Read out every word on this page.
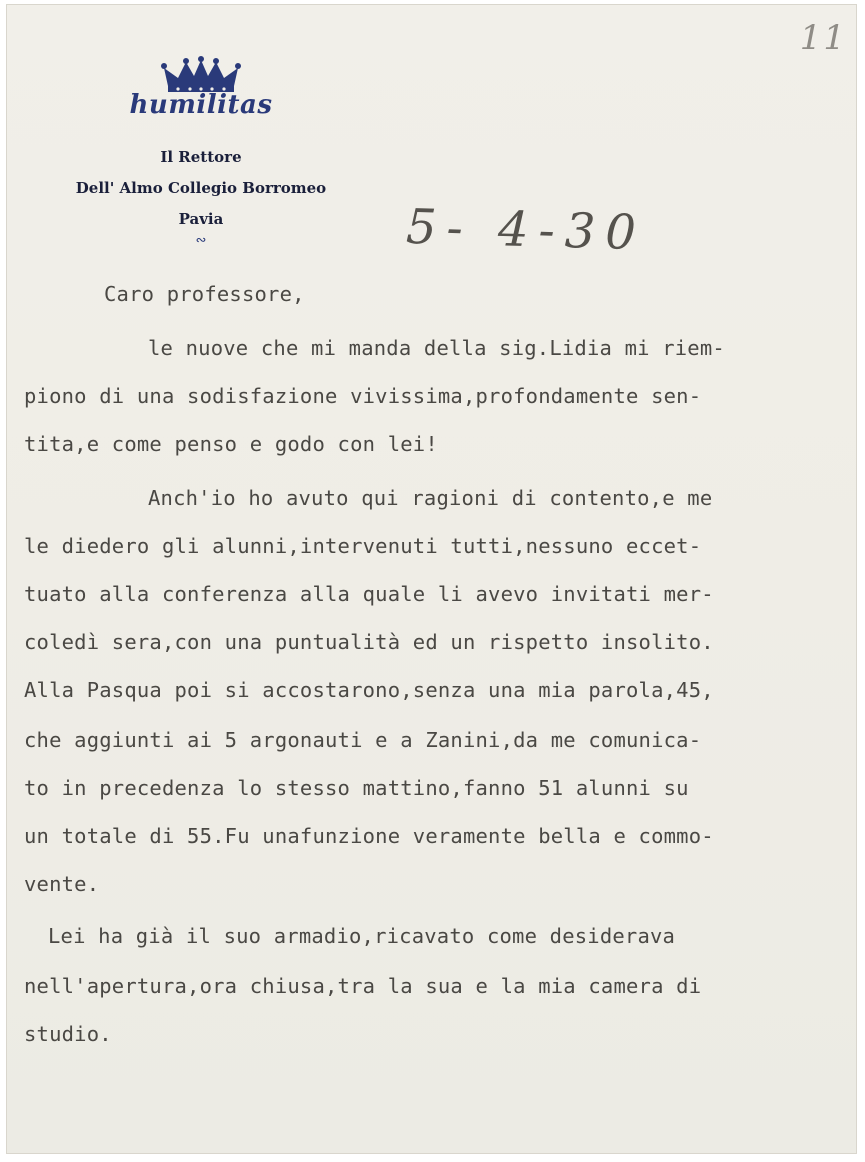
11
humilitas
Il Rettore
Dell' Almo Collegio Borromeo
Pavia
∾	5- 4-30
Caro professore,
le nuove che mi manda della sig.Lidia mi riem-
piono di una sodisfazione vivissima,profondamente sen-
tita,e come penso e godo con lei!
Anch'io ho avuto qui ragioni di contento,e me
le diedero gli alunni,intervenuti tutti,nessuno eccet-
tuato alla conferenza alla quale li avevo invitati mer-
coledì sera,con una puntualità ed un rispetto insolito.
Alla Pasqua poi si accostarono,senza una mia parola,45,
che aggiunti ai 5 argonauti e a Zanini,da me comunica-
to in precedenza lo stesso mattino,fanno 51 alunni su
un totale di 55.Fu unafunzione veramente bella e commo-
vente.
Lei ha già il suo armadio,ricavato come desiderava
nell'apertura,ora chiusa,tra la sua e la mia camera di
studio.
